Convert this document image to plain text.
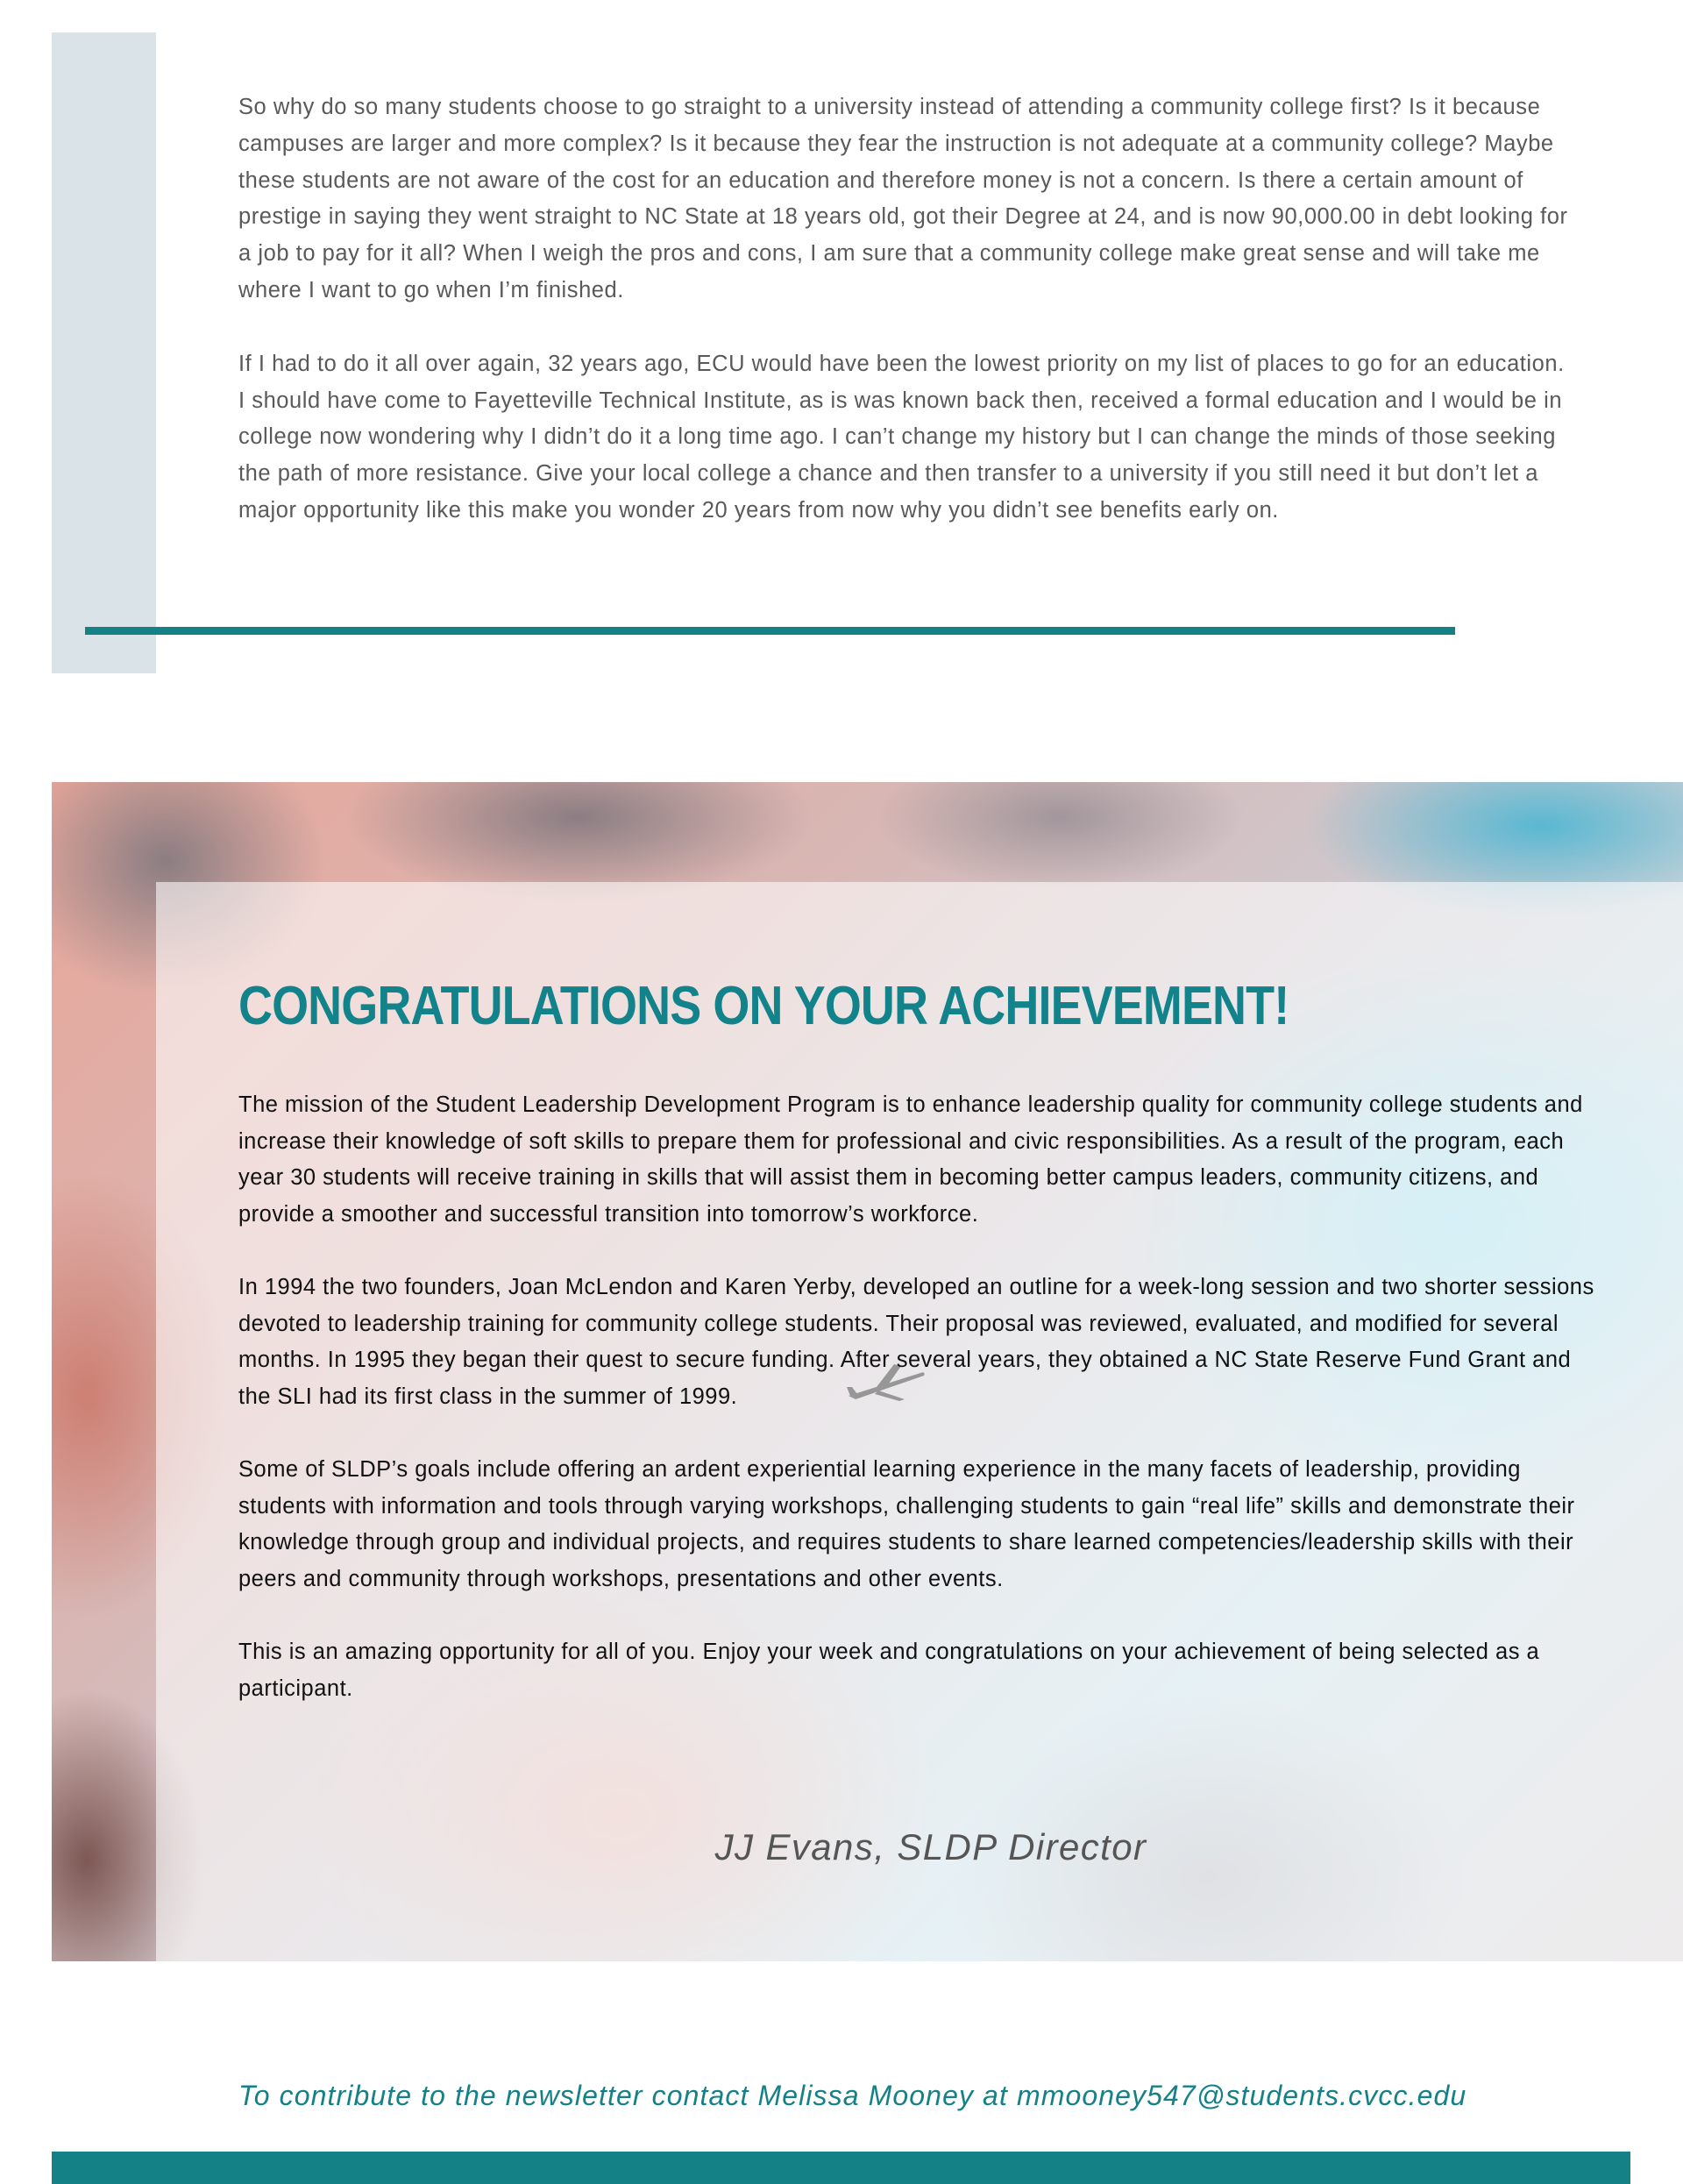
So why do so many students choose to go straight to a university instead of attending a community college first? Is it because campuses are larger and more complex? Is it because they fear the instruction is not adequate at a community college? Maybe these students are not aware of the cost for an education and therefore money is not a concern. Is there a certain amount of prestige in saying they went straight to NC State at 18 years old, got their Degree at 24, and is now 90,000.00 in debt looking for a job to pay for it all? When I weigh the pros and cons, I am sure that a community college make great sense and will take me where I want to go when I’m finished.

If I had to do it all over again, 32 years ago, ECU would have been the lowest priority on my list of places to go for an education. I should have come to Fayetteville Technical Institute, as is was known back then, received a formal education and I would be in college now wondering why I didn’t do it a long time ago. I can’t change my history but I can change the minds of those seeking the path of more resistance. Give your local college a chance and then transfer to a university if you still need it but don’t let a major opportunity like this make you wonder 20 years from now why you didn’t see benefits early on.

CONGRATULATIONS ON YOUR ACHIEVEMENT!

The mission of the Student Leadership Development Program is to enhance leadership quality for community college students and increase their knowledge of soft skills to prepare them for professional and civic responsibilities. As a result of the program, each year 30 students will receive training in skills that will assist them in becoming better campus leaders, community citizens, and provide a smoother and successful transition into tomorrow’s workforce.

In 1994 the two founders, Joan McLendon and Karen Yerby, developed an outline for a week-long session and two shorter sessions devoted to leadership training for community college students. Their proposal was reviewed, evaluated, and modified for several months. In 1995 they began their quest to secure funding. After several years, they obtained a NC State Reserve Fund Grant and the SLI had its first class in the summer of 1999.

Some of SLDP’s goals include offering an ardent experiential learning experience in the many facets of leadership, providing students with information and tools through varying workshops, challenging students to gain “real life” skills and demonstrate their knowledge through group and individual projects, and requires students to share learned competencies/leadership skills with their peers and community through workshops, presentations and other events.

This is an amazing opportunity for all of you. Enjoy your week and congratulations on your achievement of being selected as a participant.

JJ Evans, SLDP Director
To contribute to the newsletter contact Melissa Mooney at mmooney547@students.cvcc.edu
